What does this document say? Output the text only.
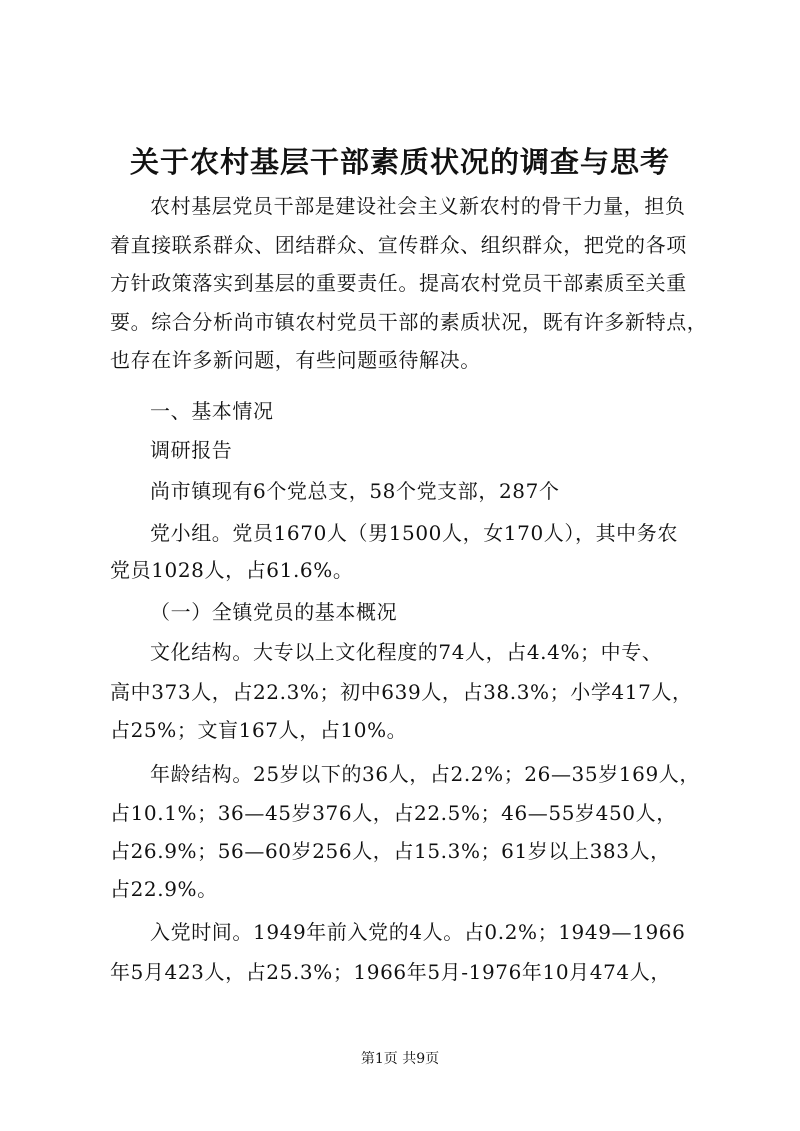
关于农村基层干部素质状况的调查与思考
农村基层党员干部是建设社会主义新农村的骨干力量，担负
着直接联系群众、团结群众、宣传群众、组织群众，把党的各项
方针政策落实到基层的重要责任。提高农村党员干部素质至关重
要。综合分析尚市镇农村党员干部的素质状况，既有许多新特点，
也存在许多新问题，有些问题亟待解决。
一、基本情况
调研报告
尚市镇现有6个党总支，58个党支部，287个
党小组。党员1670人（男1500人，女170人），其中务农
党员1028人，占61.6%。
（一）全镇党员的基本概况
文化结构。大专以上文化程度的74人，占4.4%；中专、
高中373人，占22.3%；初中639人，占38.3%；小学417人，
占25%；文盲167人，占10%。
年龄结构。25岁以下的36人，占2.2%；26—35岁169人，
占10.1%；36—45岁376人，占22.5%；46—55岁450人，
占26.9%；56—60岁256人，占15.3%；61岁以上383人，
占22.9%。
入党时间。1949年前入党的4人。占0.2%；1949—1966
年5月423人，占25.3%；1966年5月-1976年10月474人，
第1页 共9页
